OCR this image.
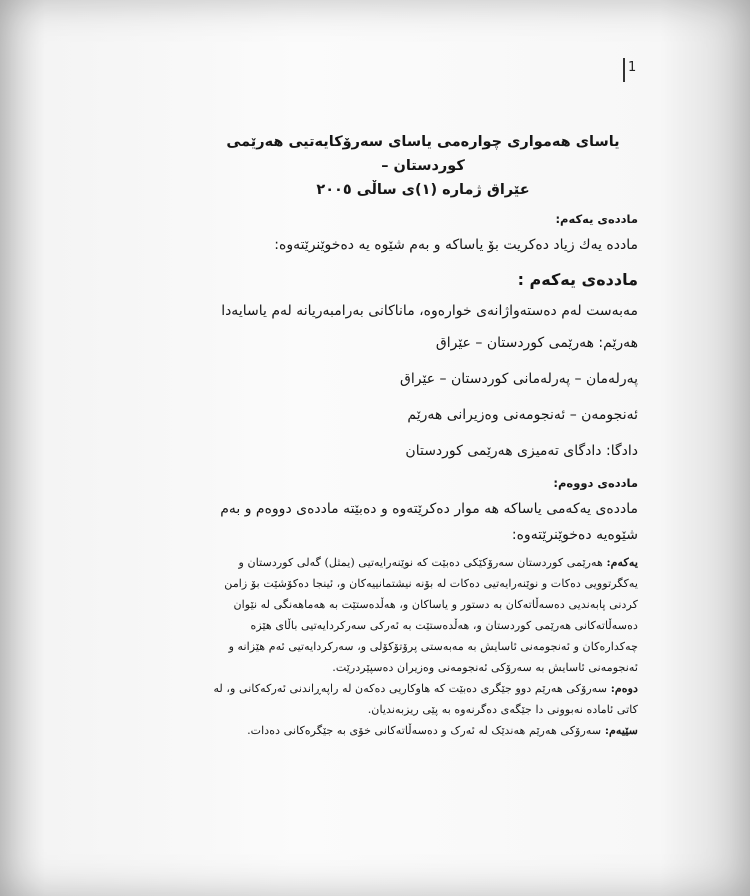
1
یاسای هەمواری چوارەمی یاسای سەرۆکایەتیی هەرێمی کوردستان –
عێراق ژمارە (١)ی ساڵی ٢٠٠٥
ماددەی یەکەم:
ماددە یەك زیاد دەکریت بۆ یاساکە و بەم شێوە یە دەخوێنرێتەوە:
ماددەی یەکەم :
مەبەست لەم دەستەواژانەی خوارەوە، ماناکانی بەرامبەریانە لەم یاسایەدا
هەرێم: هەرێمی کوردستان – عێراق
پەرلەمان – پەرلەمانی کوردستان – عێراق
ئەنجومەن – ئەنجومەنی وەزیرانی هەرێم
دادگا: دادگای تەمیزی هەرێمی کوردستان
ماددەی دووەم:
ماددەی یەکەمی یاساکە هە موار دەکرێتەوە و دەبێتە ماددەی دووەم و بەم شێوەیە دەخوێنرێتەوە:

یەکەم: هەرێمی کوردستان سەرۆکێکی دەبێت کە نوێنەرایەتیی (یمثل) گەلی کوردستان و یەکگرتوویی دەکات و نوێنەرایەتیی دەکات لە بۆنە نیشتمانییەکان و، ئینجا دەکۆشێت بۆ زامن کردنی پابەندیی دەسەڵاتەکان بە دستور و یاساکان و، هەڵدەستێت بە هەماهەنگی لە نێوان دەسەڵاتەکانی هەرێمی کوردستان و، هەڵدەستێت بە ئەرکی سەرکردایەتیی باڵای هێزە چەکدارەکان و ئەنجومەنی ئاسایش بە مەبەستی پرۆتۆکۆلی و، سەرکردایەتیی ئەم هێزانە و ئەنجومەنی ئاسایش بە سەرۆکی ئەنجومەنی وەزیران دەسپێردرێت.

دوەم: سەرۆکی هەرێم دوو جێگری دەبێت کە هاوکاریی دەکەن لە راپەڕاندنی ئەرکەکانی و، لە کاتی ئامادە نەبوونی دا جێگەی دەگرنەوە بە پێی ریزبەندیان.

سێیەم: سەرۆکی هەرێم هەندێک لە ئەرک و دەسەڵاتەکانی خۆی بە جێگرەکانی دەدات.
